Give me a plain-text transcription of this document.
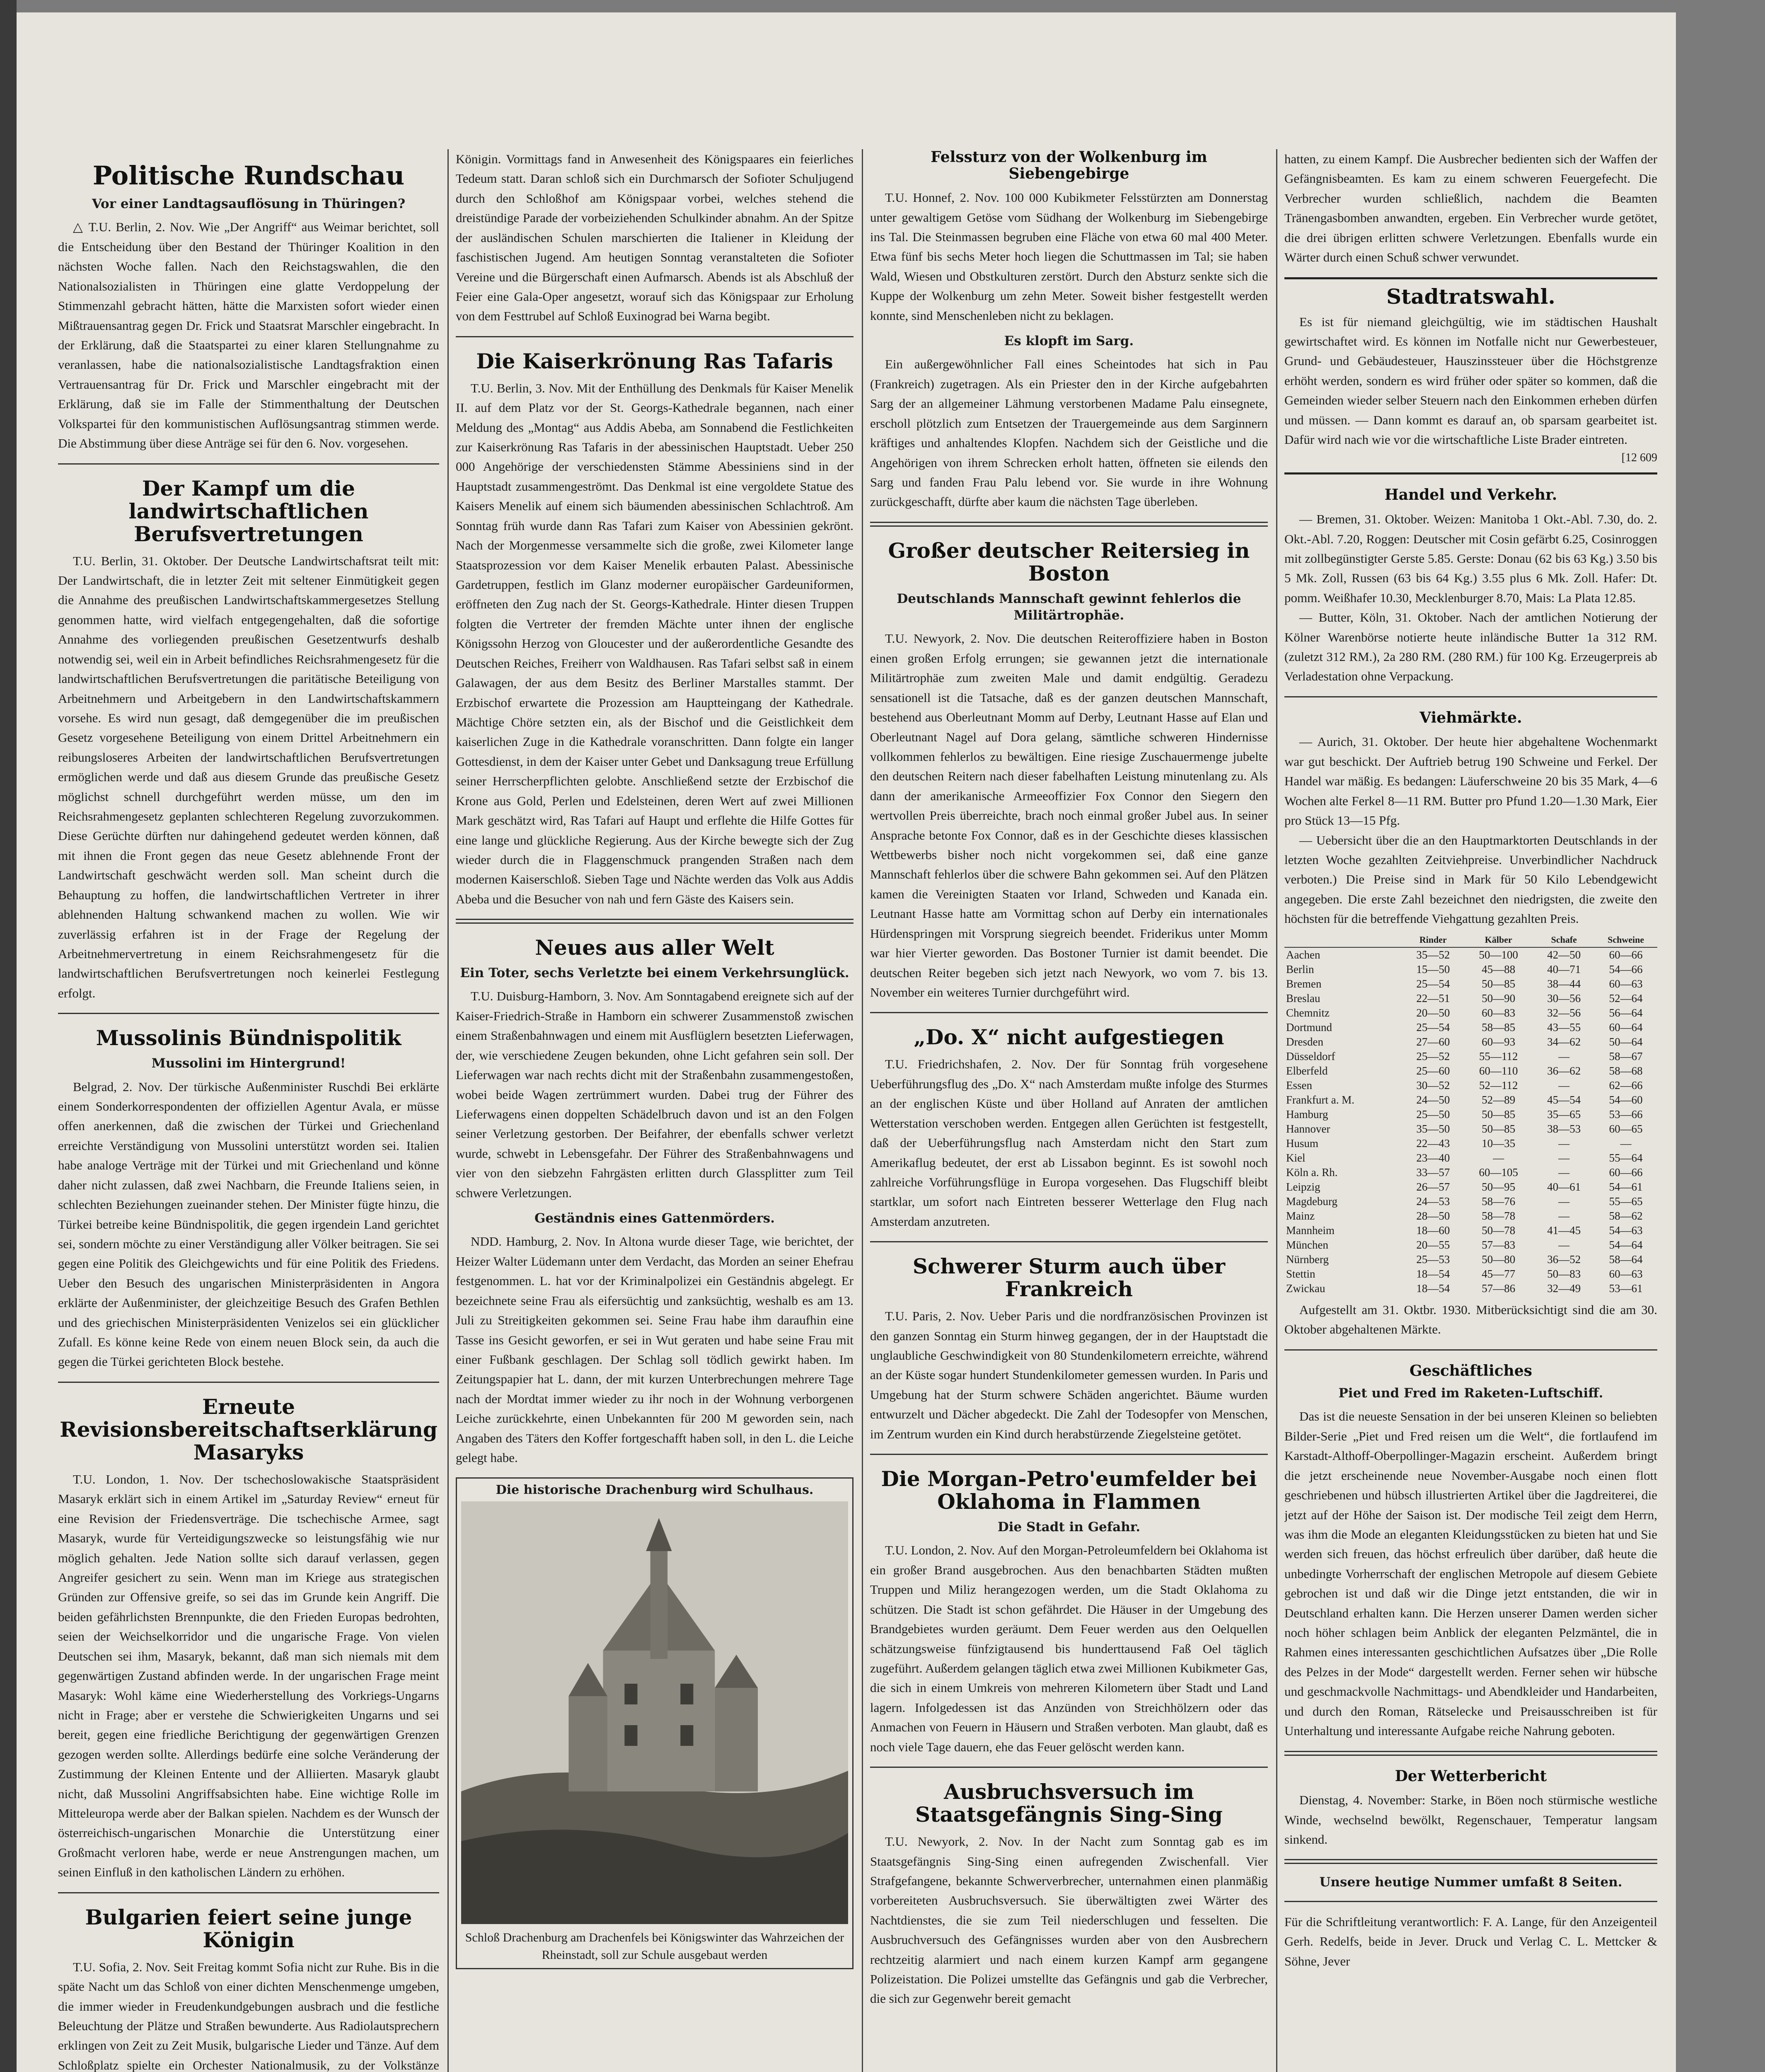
Politische Rundschau
Vor einer Landtagsauflösung in Thüringen?

△ T.U. Berlin, 2. Nov. Wie „Der Angriff“ aus Weimar berichtet, soll die Entscheidung über den Bestand der Thüringer Koalition in den nächsten Woche fallen. Nach den Reichstagswahlen, die den Nationalsozialisten in Thüringen eine glatte Verdoppelung der Stimmenzahl gebracht hätten, hätte die Marxisten sofort wieder einen Mißtrauensantrag gegen Dr. Frick und Staatsrat Marschler eingebracht. In der Erklärung, daß die Staatspartei zu einer klaren Stellungnahme zu veranlassen, habe die nationalsozialistische Landtagsfraktion einen Vertrauensantrag für Dr. Frick und Marschler eingebracht mit der Erklärung, daß sie im Falle der Stimmenthaltung der Deutschen Volkspartei für den kommunistischen Auflösungsantrag stimmen werde. Die Abstimmung über diese Anträge sei für den 6. Nov. vorgesehen.

Der Kampf um die landwirtschaftlichen Berufsvertretungen

T.U. Berlin, 31. Oktober. Der Deutsche Landwirtschaftsrat teilt mit: Der Landwirtschaft, die in letzter Zeit mit seltener Einmütigkeit gegen die Annahme des preußischen Landwirtschaftskammergesetzes Stellung genommen hatte, wird vielfach entgegengehalten, daß die sofortige Annahme des vorliegenden preußischen Gesetzentwurfs deshalb notwendig sei, weil ein in Arbeit befindliches Reichsrahmengesetz für die landwirtschaftlichen Berufsvertretungen die paritätische Beteiligung von Arbeitnehmern und Arbeitgebern in den Landwirtschaftskammern vorsehe. Es wird nun gesagt, daß demgegenüber die im preußischen Gesetz vorgesehene Beteiligung von einem Drittel Arbeitnehmern ein reibungsloseres Arbeiten der landwirtschaftlichen Berufsvertretungen ermöglichen werde und daß aus diesem Grunde das preußische Gesetz möglichst schnell durchgeführt werden müsse, um den im Reichsrahmengesetz geplanten schlechteren Regelung zuvorzukommen. Diese Gerüchte dürften nur dahingehend gedeutet werden können, daß mit ihnen die Front gegen das neue Gesetz ablehnende Front der Landwirtschaft geschwächt werden soll. Man scheint durch die Behauptung zu hoffen, die landwirtschaftlichen Vertreter in ihrer ablehnenden Haltung schwankend machen zu wollen. Wie wir zuverlässig erfahren ist in der Frage der Regelung der Arbeitnehmervertretung in einem Reichsrahmengesetz für die landwirtschaftlichen Berufsvertretungen noch keinerlei Festlegung erfolgt.

Mussolinis Bündnispolitik
Mussolini im Hintergrund!

Belgrad, 2. Nov. Der türkische Außenminister Ruschdi Bei erklärte einem Sonderkorrespondenten der offiziellen Agentur Avala, er müsse offen anerkennen, daß die zwischen der Türkei und Griechenland erreichte Verständigung von Mussolini unterstützt worden sei. Italien habe analoge Verträge mit der Türkei und mit Griechenland und könne daher nicht zulassen, daß zwei Nachbarn, die Freunde Italiens seien, in schlechten Beziehungen zueinander stehen. Der Minister fügte hinzu, die Türkei betreibe keine Bündnispolitik, die gegen irgendein Land gerichtet sei, sondern möchte zu einer Verständigung aller Völker beitragen. Sie sei gegen eine Politik des Gleichgewichts und für eine Politik des Friedens. Ueber den Besuch des ungarischen Ministerpräsidenten in Angora erklärte der Außenminister, der gleichzeitige Besuch des Grafen Bethlen und des griechischen Ministerpräsidenten Venizelos sei ein glücklicher Zufall. Es könne keine Rede von einem neuen Block sein, da auch die gegen die Türkei gerichteten Block bestehe.

Erneute Revisionsbereitschaftserklärung Masaryks

T.U. London, 1. Nov. Der tschechoslowakische Staatspräsident Masaryk erklärt sich in einem Artikel im „Saturday Review“ erneut für eine Revision der Friedensverträge. Die tschechische Armee, sagt Masaryk, wurde für Verteidigungszwecke so leistungsfähig wie nur möglich gehalten. Jede Nation sollte sich darauf verlassen, gegen Angreifer gesichert zu sein. Wenn man im Kriege aus strategischen Gründen zur Offensive greife, so sei das im Grunde kein Angriff. Die beiden gefährlichsten Brennpunkte, die den Frieden Europas bedrohten, seien der Weichselkorridor und die ungarische Frage. Von vielen Deutschen sei ihm, Masaryk, bekannt, daß man sich niemals mit dem gegenwärtigen Zustand abfinden werde. In der ungarischen Frage meint Masaryk: Wohl käme eine Wiederherstellung des Vorkriegs-Ungarns nicht in Frage; aber er verstehe die Schwierigkeiten Ungarns und sei bereit, gegen eine friedliche Berichtigung der gegenwärtigen Grenzen gezogen werden sollte. Allerdings bedürfe eine solche Veränderung der Zustimmung der Kleinen Entente und der Alliierten. Masaryk glaubt nicht, daß Mussolini Angriffsabsichten habe. Eine wichtige Rolle im Mitteleuropa werde aber der Balkan spielen. Nachdem es der Wunsch der österreichisch-ungarischen Monarchie die Unterstützung einer Großmacht verloren habe, werde er neue Anstrengungen machen, um seinen Einfluß in den katholischen Ländern zu erhöhen.

Bulgarien feiert seine junge Königin

T.U. Sofia, 2. Nov. Seit Freitag kommt Sofia nicht zur Ruhe. Bis in die späte Nacht um das Schloß von einer dichten Menschenmenge umgeben, die immer wieder in Freudenkundgebungen ausbrach und die festliche Beleuchtung der Plätze und Straßen bewunderte. Aus Radiolautsprechern erklingen von Zeit zu Zeit Musik, bulgarische Lieder und Tänze. Auf dem Schloßplatz spielte ein Orchester Nationalmusik, zu der Volkstänze

Königin. Vormittags fand in Anwesenheit des Königspaares ein feierliches Tedeum statt. Daran schloß sich ein Durchmarsch der Sofioter Schuljugend durch den Schloßhof am Königspaar vorbei, welches stehend die dreistündige Parade der vorbeiziehenden Schulkinder abnahm. An der Spitze der ausländischen Schulen marschierten die Italiener in Kleidung der faschistischen Jugend. Am heutigen Sonntag veranstalteten die Sofioter Vereine und die Bürgerschaft einen Aufmarsch. Abends ist als Abschluß der Feier eine Gala-Oper angesetzt, worauf sich das Königspaar zur Erholung von dem Festtrubel auf Schloß Euxinograd bei Warna begibt.

Die Kaiserkrönung Ras Tafaris

T.U. Berlin, 3. Nov. Mit der Enthüllung des Denkmals für Kaiser Menelik II. auf dem Platz vor der St. Georgs-Kathedrale begannen, nach einer Meldung des „Montag“ aus Addis Abeba, am Sonnabend die Festlichkeiten zur Kaiserkrönung Ras Tafaris in der abessinischen Hauptstadt. Ueber 250 000 Angehörige der verschiedensten Stämme Abessiniens sind in der Hauptstadt zusammengeströmt. Das Denkmal ist eine vergoldete Statue des Kaisers Menelik auf einem sich bäumenden abessinischen Schlachtroß. Am Sonntag früh wurde dann Ras Tafari zum Kaiser von Abessinien gekrönt. Nach der Morgenmesse versammelte sich die große, zwei Kilometer lange Staatsprozession vor dem Kaiser Menelik erbauten Palast. Abessinische Gardetruppen, festlich im Glanz moderner europäischer Gardeuniformen, eröffneten den Zug nach der St. Georgs-Kathedrale. Hinter diesen Truppen folgten die Vertreter der fremden Mächte unter ihnen der englische Königssohn Herzog von Gloucester und der außerordentliche Gesandte des Deutschen Reiches, Freiherr von Waldhausen. Ras Tafari selbst saß in einem Galawagen, der aus dem Besitz des Berliner Marstalles stammt. Der Erzbischof erwartete die Prozession am Hauptteingang der Kathedrale. Mächtige Chöre setzten ein, als der Bischof und die Geistlichkeit dem kaiserlichen Zuge in die Kathedrale voranschritten. Dann folgte ein langer Gottesdienst, in dem der Kaiser unter Gebet und Danksagung treue Erfüllung seiner Herrscherpflichten gelobte. Anschließend setzte der Erzbischof die Krone aus Gold, Perlen und Edelsteinen, deren Wert auf zwei Millionen Mark geschätzt wird, Ras Tafari auf Haupt und erflehte die Hilfe Gottes für eine lange und glückliche Regierung. Aus der Kirche bewegte sich der Zug wieder durch die in Flaggenschmuck prangenden Straßen nach dem modernen Kaiserschloß. Sieben Tage und Nächte werden das Volk aus Addis Abeba und die Besucher von nah und fern Gäste des Kaisers sein.

Neues aus aller Welt
Ein Toter, sechs Verletzte bei einem Verkehrsunglück.

T.U. Duisburg-Hamborn, 3. Nov. Am Sonntagabend ereignete sich auf der Kaiser-Friedrich-Straße in Hamborn ein schwerer Zusammenstoß zwischen einem Straßenbahnwagen und einem mit Ausflüglern besetzten Lieferwagen, der, wie verschiedene Zeugen bekunden, ohne Licht gefahren sein soll. Der Lieferwagen war nach rechts dicht mit der Straßenbahn zusammengestoßen, wobei beide Wagen zertrümmert wurden. Dabei trug der Führer des Lieferwagens einen doppelten Schädelbruch davon und ist an den Folgen seiner Verletzung gestorben. Der Beifahrer, der ebenfalls schwer verletzt wurde, schwebt in Lebensgefahr. Der Führer des Straßenbahnwagens und vier von den siebzehn Fahrgästen erlitten durch Glassplitter zum Teil schwere Verletzungen.

Geständnis eines Gattenmörders.

NDD. Hamburg, 2. Nov. In Altona wurde dieser Tage, wie berichtet, der Heizer Walter Lüdemann unter dem Verdacht, das Morden an seiner Ehefrau festgenommen. L. hat vor der Kriminalpolizei ein Geständnis abgelegt. Er bezeichnete seine Frau als eifersüchtig und zanksüchtig, weshalb es am 13. Juli zu Streitigkeiten gekommen sei. Seine Frau habe ihm daraufhin eine Tasse ins Gesicht geworfen, er sei in Wut geraten und habe seine Frau mit einer Fußbank geschlagen. Der Schlag soll tödlich gewirkt haben. Im Zeitungspapier hat L. dann, der mit kurzen Unterbrechungen mehrere Tage nach der Mordtat immer wieder zu ihr noch in der Wohnung verborgenen Leiche zurückkehrte, einen Unbekannten für 200 M geworden sein, nach Angaben des Täters den Koffer fortgeschafft haben soll, in den L. die Leiche gelegt habe.

Die historische Drachenburg wird Schulhaus.
Schloß Drachenburg am Drachenfels bei Königswinter das Wahrzeichen der Rheinstadt, soll zur Schule ausgebaut werden
Felssturz von der Wolkenburg im Siebengebirge

T.U. Honnef, 2. Nov. 100 000 Kubikmeter Felsstürzten am Donnerstag unter gewaltigem Getöse vom Südhang der Wolkenburg im Siebengebirge ins Tal. Die Steinmassen begruben eine Fläche von etwa 60 mal 400 Meter. Etwa fünf bis sechs Meter hoch liegen die Schuttmassen im Tal; sie haben Wald, Wiesen und Obstkulturen zerstört. Durch den Absturz senkte sich die Kuppe der Wolkenburg um zehn Meter. Soweit bisher festgestellt werden konnte, sind Menschenleben nicht zu beklagen.

Es klopft im Sarg.

Ein außergewöhnlicher Fall eines Scheintodes hat sich in Pau (Frankreich) zugetragen. Als ein Priester den in der Kirche aufgebahrten Sarg der an allgemeiner Lähmung verstorbenen Madame Palu einsegnete, erscholl plötzlich zum Entsetzen der Trauergemeinde aus dem Sarginnern kräftiges und anhaltendes Klopfen. Nachdem sich der Geistliche und die Angehörigen von ihrem Schrecken erholt hatten, öffneten sie eilends den Sarg und fanden Frau Palu lebend vor. Sie wurde in ihre Wohnung zurückgeschafft, dürfte aber kaum die nächsten Tage überleben.

Großer deutscher Reitersieg in Boston
Deutschlands Mannschaft gewinnt fehlerlos die Militärtrophäe.

T.U. Newyork, 2. Nov. Die deutschen Reiteroffiziere haben in Boston einen großen Erfolg errungen; sie gewannen jetzt die internationale Militärtrophäe zum zweiten Male und damit endgültig. Geradezu sensationell ist die Tatsache, daß es der ganzen deutschen Mannschaft, bestehend aus Oberleutnant Momm auf Derby, Leutnant Hasse auf Elan und Oberleutnant Nagel auf Dora gelang, sämtliche schweren Hindernisse vollkommen fehlerlos zu bewältigen. Eine riesige Zuschauermenge jubelte den deutschen Reitern nach dieser fabelhaften Leistung minutenlang zu. Als dann der amerikanische Armeeoffizier Fox Connor den Siegern den wertvollen Preis überreichte, brach noch einmal großer Jubel aus. In seiner Ansprache betonte Fox Connor, daß es in der Geschichte dieses klassischen Wettbewerbs bisher noch nicht vorgekommen sei, daß eine ganze Mannschaft fehlerlos über die schwere Bahn gekommen sei. Auf den Plätzen kamen die Vereinigten Staaten vor Irland, Schweden und Kanada ein. Leutnant Hasse hatte am Vormittag schon auf Derby ein internationales Hürdenspringen mit Vorsprung siegreich beendet. Friderikus unter Momm war hier Vierter geworden. Das Bostoner Turnier ist damit beendet. Die deutschen Reiter begeben sich jetzt nach Newyork, wo vom 7. bis 13. November ein weiteres Turnier durchgeführt wird.

„Do. X“ nicht aufgestiegen

T.U. Friedrichshafen, 2. Nov. Der für Sonntag früh vorgesehene Ueberführungsflug des „Do. X“ nach Amsterdam mußte infolge des Sturmes an der englischen Küste und über Holland auf Anraten der amtlichen Wetterstation verschoben werden. Entgegen allen Gerüchten ist festgestellt, daß der Ueberführungsflug nach Amsterdam nicht den Start zum Amerikaflug bedeutet, der erst ab Lissabon beginnt. Es ist sowohl noch zahlreiche Vorführungsflüge in Europa vorgesehen. Das Flugschiff bleibt startklar, um sofort nach Eintreten besserer Wetterlage den Flug nach Amsterdam anzutreten.

Schwerer Sturm auch über Frankreich

T.U. Paris, 2. Nov. Ueber Paris und die nordfranzösischen Provinzen ist den ganzen Sonntag ein Sturm hinweg gegangen, der in der Hauptstadt die unglaubliche Geschwindigkeit von 80 Stundenkilometern erreichte, während an der Küste sogar hundert Stundenkilometer gemessen wurden. In Paris und Umgebung hat der Sturm schwere Schäden angerichtet. Bäume wurden entwurzelt und Dächer abgedeckt. Die Zahl der Todesopfer von Menschen, im Zentrum wurden ein Kind durch herabstürzende Ziegelsteine getötet.

Die Morgan-Petro'eumfelder bei Oklahoma in Flammen
Die Stadt in Gefahr.

T.U. London, 2. Nov. Auf den Morgan-Petroleumfeldern bei Oklahoma ist ein großer Brand ausgebrochen. Aus den benachbarten Städten mußten Truppen und Miliz herangezogen werden, um die Stadt Oklahoma zu schützen. Die Stadt ist schon gefährdet. Die Häuser in der Umgebung des Brandgebietes wurden geräumt. Dem Feuer werden aus den Oelquellen schätzungsweise fünfzigtausend bis hunderttausend Faß Oel täglich zugeführt. Außerdem gelangen täglich etwa zwei Millionen Kubikmeter Gas, die sich in einem Umkreis von mehreren Kilometern über Stadt und Land lagern. Infolgedessen ist das Anzünden von Streichhölzern oder das Anmachen von Feuern in Häusern und Straßen verboten. Man glaubt, daß es noch viele Tage dauern, ehe das Feuer gelöscht werden kann.

Ausbruchsversuch im Staatsgefängnis Sing-Sing

T.U. Newyork, 2. Nov. In der Nacht zum Sonntag gab es im Staatsgefängnis Sing-Sing einen aufregenden Zwischenfall. Vier Strafgefangene, bekannte Schwerverbrecher, unternahmen einen planmäßig vorbereiteten Ausbruchsversuch. Sie überwältigten zwei Wärter des Nachtdienstes, die sie zum Teil niederschlugen und fesselten. Die Ausbruchversuch des Gefängnisses wurden aber von den Ausbrechern rechtzeitig alarmiert und nach einem kurzen Kampf arm gegangene Polizeistation. Die Polizei umstellte das Gefängnis und gab die Verbrecher, die sich zur Gegenwehr bereit gemacht

hatten, zu einem Kampf. Die Ausbrecher bedienten sich der Waffen der Gefängnisbeamten. Es kam zu einem schweren Feuergefecht. Die Verbrecher wurden schließlich, nachdem die Beamten Tränengasbomben anwandten, ergeben. Ein Verbrecher wurde getötet, die drei übrigen erlitten schwere Verletzungen. Ebenfalls wurde ein Wärter durch einen Schuß schwer verwundet.

Stadtratswahl.

Es ist für niemand gleichgültig, wie im städtischen Haushalt gewirtschaftet wird. Es können im Notfalle nicht nur Gewerbesteuer, Grund- und Gebäudesteuer, Hauszinssteuer über die Höchstgrenze erhöht werden, sondern es wird früher oder später so kommen, daß die Gemeinden wieder selber Steuern nach den Einkommen erheben dürfen und müssen. — Dann kommt es darauf an, ob sparsam gearbeitet ist. Dafür wird nach wie vor die wirtschaftliche Liste Brader eintreten.

[12 609
Handel und Verkehr.

— Bremen, 31. Oktober. Weizen: Manitoba 1 Okt.-Abl. 7.30, do. 2. Okt.-Abl. 7.20, Roggen: Deutscher mit Cosin gefärbt 6.25, Cosinroggen mit zollbegünstigter Gerste 5.85. Gerste: Donau (62 bis 63 Kg.) 3.50 bis 5 Mk. Zoll, Russen (63 bis 64 Kg.) 3.55 plus 6 Mk. Zoll. Hafer: Dt. pomm. Weißhafer 10.30, Mecklenburger 8.70, Mais: La Plata 12.85.

— Butter, Köln, 31. Oktober. Nach der amtlichen Notierung der Kölner Warenbörse notierte heute inländische Butter 1a 312 RM. (zuletzt 312 RM.), 2a 280 RM. (280 RM.) für 100 Kg. Erzeugerpreis ab Verladestation ohne Verpackung.

Viehmärkte.

— Aurich, 31. Oktober. Der heute hier abgehaltene Wochenmarkt war gut beschickt. Der Auftrieb betrug 190 Schweine und Ferkel. Der Handel war mäßig. Es bedangen: Läuferschweine 20 bis 35 Mark, 4—6 Wochen alte Ferkel 8—11 RM. Butter pro Pfund 1.20—1.30 Mark, Eier pro Stück 13—15 Pfg.

— Uebersicht über die an den Hauptmarktorten Deutschlands in der letzten Woche gezahlten Zeitviehpreise. Unverbindlicher Nachdruck verboten.) Die Preise sind in Mark für 50 Kilo Lebendgewicht angegeben. Die erste Zahl bezeichnet den niedrigsten, die zweite den höchsten für die betreffende Viehgattung gezahlten Preis.

	Rinder	Kälber	Schafe	Schweine
Aachen	35—52	50—100	42—50	60—66
Berlin	15—50	45—88	40—71	54—66
Bremen	25—54	50—85	38—44	60—63
Breslau	22—51	50—90	30—56	52—64
Chemnitz	20—50	60—83	32—56	56—64
Dortmund	25—54	58—85	43—55	60—64
Dresden	27—60	60—93	34—62	50—64
Düsseldorf	25—52	55—112	—	58—67
Elberfeld	25—60	60—110	36—62	58—68
Essen	30—52	52—112	—	62—66
Frankfurt a. M.	24—50	52—89	45—54	54—60
Hamburg	25—50	50—85	35—65	53—66
Hannover	35—50	50—85	38—53	60—65
Husum	22—43	10—35	—	—
Kiel	23—40	—	—	55—64
Köln a. Rh.	33—57	60—105	—	60—66
Leipzig	26—57	50—95	40—61	54—61
Magdeburg	24—53	58—76	—	55—65
Mainz	28—50	58—78	—	58—62
Mannheim	18—60	50—78	41—45	54—63
München	20—55	57—83	—	54—64
Nürnberg	25—53	50—80	36—52	58—64
Stettin	18—54	45—77	50—83	60—63
Zwickau	18—54	57—86	32—49	53—61

Aufgestellt am 31. Oktbr. 1930. Mitberücksichtigt sind die am 30. Oktober abgehaltenen Märkte.

Geschäftliches
Piet und Fred im Raketen-Luftschiff.

Das ist die neueste Sensation in der bei unseren Kleinen so beliebten Bilder-Serie „Piet und Fred reisen um die Welt“, die fortlaufend im Karstadt-Althoff-Oberpollinger-Magazin erscheint. Außerdem bringt die jetzt erscheinende neue November-Ausgabe noch einen flott geschriebenen und hübsch illustrierten Artikel über die Jagdreiterei, die jetzt auf der Höhe der Saison ist. Der modische Teil zeigt dem Herrn, was ihm die Mode an eleganten Kleidungsstücken zu bieten hat und Sie werden sich freuen, das höchst erfreulich über darüber, daß heute die unbedingte Vorherrschaft der englischen Metropole auf diesem Gebiete gebrochen ist und daß wir die Dinge jetzt entstanden, die wir in Deutschland erhalten kann. Die Herzen unserer Damen werden sicher noch höher schlagen beim Anblick der eleganten Pelzmäntel, die in Rahmen eines interessanten geschichtlichen Aufsatzes über „Die Rolle des Pelzes in der Mode“ dargestellt werden. Ferner sehen wir hübsche und geschmackvolle Nachmittags- und Abendkleider und Handarbeiten, und durch den Roman, Rätselecke und Preisausschreiben ist für Unterhaltung und interessante Aufgabe reiche Nahrung geboten.

Der Wetterbericht

Dienstag, 4. November: Starke, in Böen noch stürmische westliche Winde, wechselnd bewölkt, Regenschauer, Temperatur langsam sinkend.

Unsere heutige Nummer umfaßt 8 Seiten.

Für die Schriftleitung verantwortlich: F. A. Lange, für den Anzeigenteil Gerh. Redelfs, beide in Jever. Druck und Verlag C. L. Mettcker & Söhne, Jever
